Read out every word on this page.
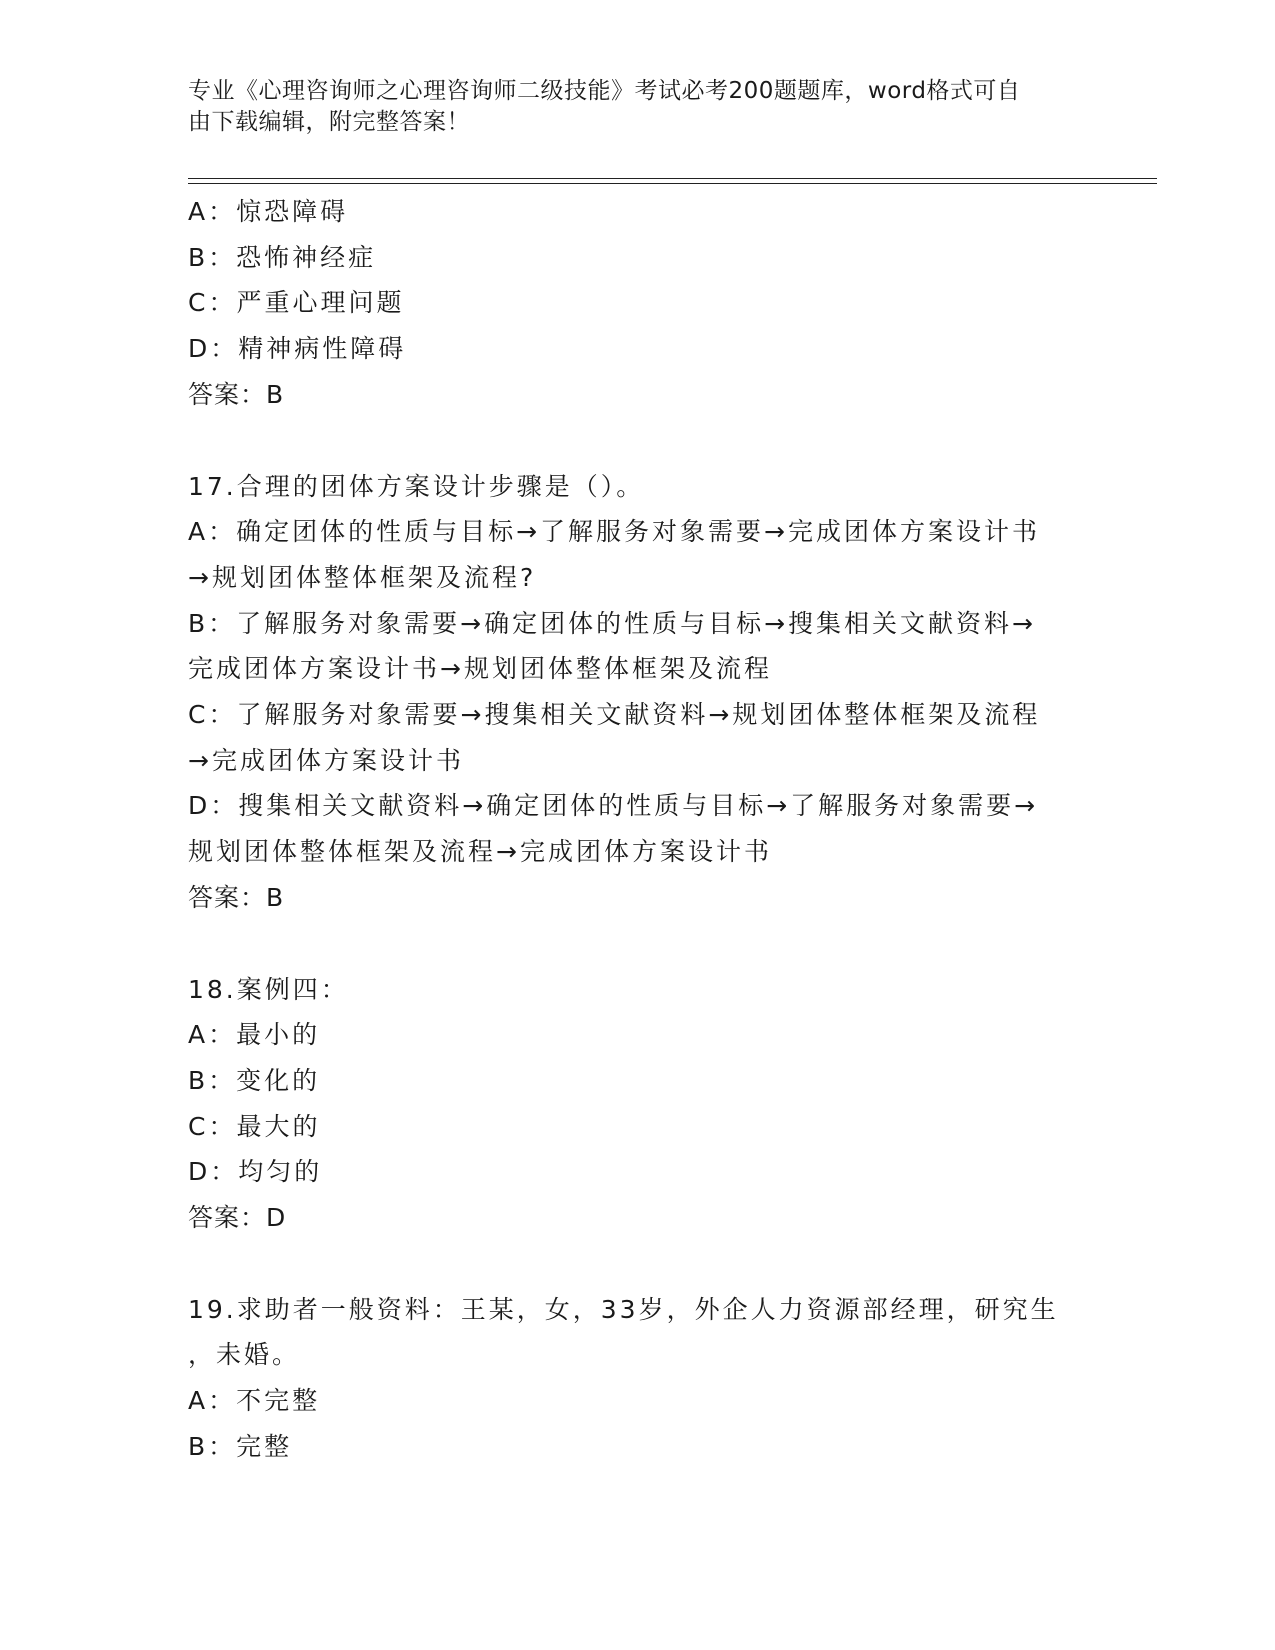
专业《心理咨询师之心理咨询师二级技能》考试必考200题题库，word格式可自
由下载编辑，附完整答案！
A：惊恐障碍
B：恐怖神经症
C：严重心理问题
D：精神病性障碍
答案：B
17.合理的团体方案设计步骤是（）。
A：确定团体的性质与目标→了解服务对象需要→完成团体方案设计书
→规划团体整体框架及流程?
B：了解服务对象需要→确定团体的性质与目标→搜集相关文献资料→
完成团体方案设计书→规划团体整体框架及流程
C：了解服务对象需要→搜集相关文献资料→规划团体整体框架及流程
→完成团体方案设计书
D：搜集相关文献资料→确定团体的性质与目标→了解服务对象需要→
规划团体整体框架及流程→完成团体方案设计书
答案：B
18.案例四：
A：最小的
B：变化的
C：最大的
D：均匀的
答案：D
19.求助者一般资料：王某，女，33岁，外企人力资源部经理，研究生
，未婚。
A：不完整
B：完整
